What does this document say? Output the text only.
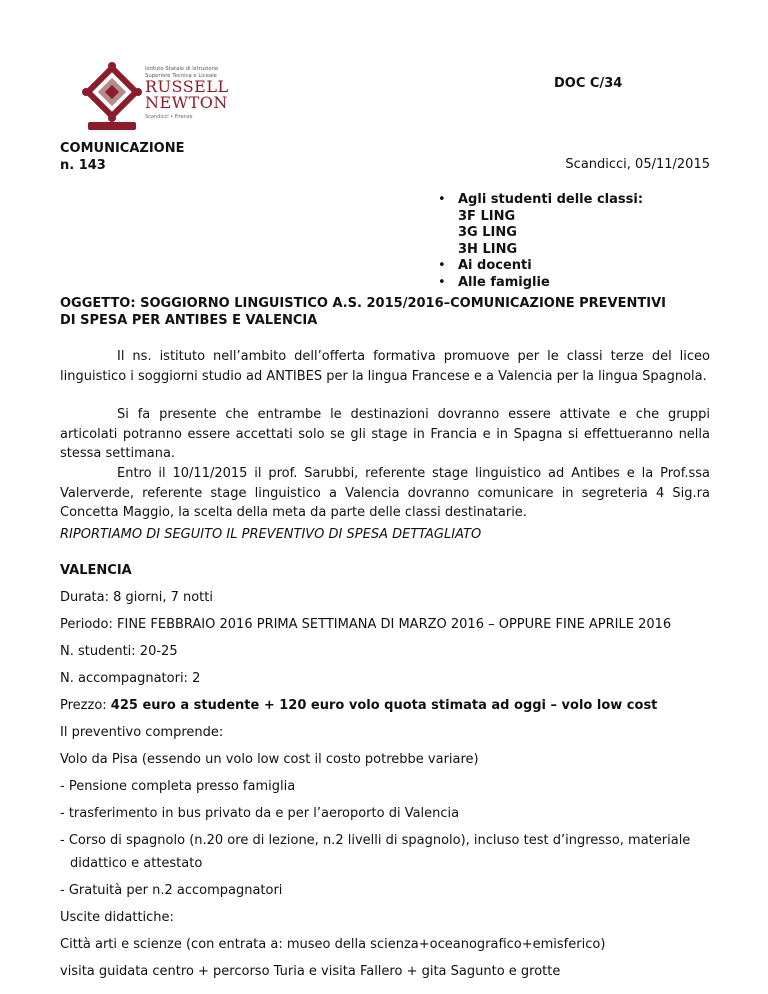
Istituto Statale di Istruzione
Superiore Tecnica e Liceale
RUSSELL
NEWTON
Scandicci • Firenze
DOC C/34
COMUNICAZIONE
n. 143	Scandicci, 05/11/2015
• Agli studenti delle classi:
3F LING
3G LING
3H LING
• Ai docenti
• Alle famiglie
OGGETTO: SOGGIORNO LINGUISTICO A.S. 2015/2016–COMUNICAZIONE PREVENTIVI
DI SPESA PER ANTIBES E VALENCIA
Il ns. istituto nell’ambito dell’offerta formativa promuove per le classi terze del liceo linguistico i soggiorni studio ad ANTIBES per la lingua Francese e a Valencia per la lingua Spagnola.
Si fa presente che entrambe le destinazioni dovranno essere attivate e che gruppi articolati potranno essere accettati solo se gli stage in Francia e in Spagna si effettueranno nella stessa settimana.
Entro il 10/11/2015 il prof. Sarubbi, referente stage linguistico ad Antibes e la Prof.ssa Valerverde, referente stage linguistico a Valencia dovranno comunicare in segreteria 4 Sig.ra Concetta Maggio, la scelta della meta da parte delle classi destinatarie.
RIPORTIAMO DI SEGUITO IL PREVENTIVO DI SPESA DETTAGLIATO
VALENCIA
Durata: 8 giorni, 7 notti
Periodo: FINE FEBBRAIO 2016 PRIMA SETTIMANA DI MARZO 2016 – OPPURE FINE APRILE 2016
N. studenti: 20-25
N. accompagnatori: 2
Prezzo: 425 euro a studente + 120 euro volo quota stimata ad oggi – volo low cost
Il preventivo comprende:
Volo da Pisa (essendo un volo low cost il costo potrebbe variare)
- Pensione completa presso famiglia
- trasferimento in bus privato da e per l’aeroporto di Valencia
- Corso di spagnolo (n.20 ore di lezione, n.2 livelli di spagnolo), incluso test d’ingresso, materiale
didattico e attestato
- Gratuità per n.2 accompagnatori
Uscite didattiche:
Città arti e scienze (con entrata a: museo della scienza+oceanografico+emisferico)
visita guidata centro + percorso Turia e visita Fallero + gita Sagunto e grotte
